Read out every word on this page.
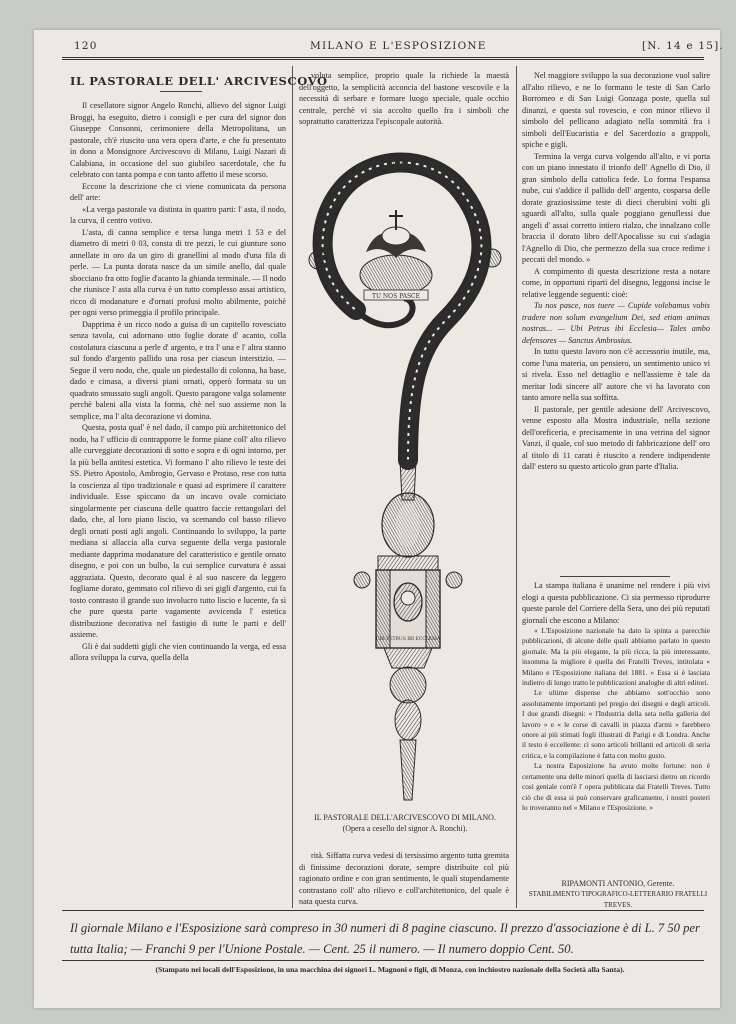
120	MILANO E L'ESPOSIZIONE	[N. 14 e 15].
IL PASTORALE DELL' ARCIVESCOVO

Il cesellatore signor Angelo Ronchi, allievo del signor Luigi Broggi, ha eseguito, dietro i consigli e per cura del signor don Giuseppe Consonni, cerimoniere della Metropolitana, un pastorale, ch'è riuscito una vera opera d'arte, e che fu presentato in dono a Monsignore Arcivescovo di Milano, Luigi Nazari di Calabiana, in occasione del suo giubileo sacerdotale, che fu celebrato con tanta pompa e con tanto affetto il mese scorso.

Eccone la descrizione che ci viene comunicata da persona dell' arte:

«La verga pastorale va distinta in quattro parti: l' asta, il nodo, la curva, il centro votivo.

L'asta, di canna semplice e tersa lunga metri 1 53 e del diametro di metri 0 03, consta di tre pezzi, le cui giunture sono annellate in oro da un giro di granellini al modo d'una fila di perle. — La punta dorata nasce da un simile anello, dal quale sbocciano fra otto foglie d'acanto la ghianda terminale. — Il nodo che riunisce l' asta alla curva è un tutto complesso assai artistico, ricco di modanature e d'ornati profusi molto abilmente, poichè per ogni verso primeggia il profilo principale.

Dapprima è un ricco nodo a guisa di un capitello rovesciato senza tavola, cui adornano otto foglie dorate d' acanto, colla costolatura ciascuna a perle d' argento, e tra l' una e l' altra stanno sul fondo d'argento pallido una rosa per ciascun interstizio. — Segue il vero nodo, che, quale un piedestallo di colonna, ha base, dado e cimasa, a diversi piani ornati, opperò formata su un quadrato smussato sugli angoli. Questo paragone valga solamente perchè baleni alla vista la forma, chè nel suo assieme non la semplice, ma l' alta decorazione vi domina.

Questa, posta qual' è nel dado, il campo più architettonico del nodo, ha l' ufficio di contrapporre le forme piane coll' alto rilievo alle curveggiate decorazioni di sotto e sopra e di ogni intorno, per la più bella antitesi estetica. Vi formano l' alto rilievo le teste dei SS. Pietro Apostolo, Ambrogio, Gervaso e Protaso, rese con tutta la coscienza al tipo tradizionale e quasi ad esprimere il carattere individuale. Esse spiccano da un incavo ovale corniciato singolarmente per ciascuna delle quattro faccie rettangolari del dado, che, al loro piano liscio, va scemando col basso rilievo degli ornati posti agli angoli. Continuando lo sviluppo, la parte mediana si allaccia alla curva seguente della verga pastorale mediante dapprima modanature del caratteristico e gentile ornato disegno, e poi con un bulbo, la cui semplice curvatura è assai aggraziata. Questo, decorato qual è al suo nascere da leggero fogliame dorato, gemmato col rilievo di sei gigli d'argento, cui fa tosto contrasto il grande suo involucro tutto liscio e lucente, fa sì che pure questa parte vagamente avvicenda l' estetica distribuzione decorativa nel fastigio di tutte le parti e dell' assieme.

Gli è dai suddetti gigli che vien continuando la verga, ed essa allora sviluppa la curva, quella della

voluta semplice, proprio quale la richiede la maestà dell'oggetto, la semplicità acconcia del bastone vescovile e la necessità di serbare e formare luogo speciale, quale occhio centrale, perchè vi sia accolto quello fra i simboli che soprattutto caratterizza l'episcopale autorità.

TU NOS PASCE
UBI PETRUS IBI ECCLESIA
IL PASTORALE DELL'ARCIVESCOVO DI MILANO.
(Opera a cesello del signor A. Ronchi).

rità. Siffatta curva vedesi di tersissimo argento tutta gremita di finissime decorazioni dorate, sempre distribuite col più ragionato ordine e con gran sentimento, le quali stupendamente contrastano coll' alto rilievo e coll'architettonico, del quale è nata questa curva.

Nel maggiore sviluppo la sua decorazione vuol salire all'alto rilievo, e ne lo formano le teste di San Carlo Borromeo e di San Luigi Gonzaga poste, quella sul dinanzi, e questa sul rovescio, e con minor rilievo il simbolo del pellicano adagiato nella sommità fra i simboli dell'Eucaristia e del Sacerdozio a grappoli, spiche e gigli.

Termina la verga curva volgendo all'alto, e vi porta con un piano innestato il trionfo dell' Agnello di Dio, il gran simbolo della cattolica fede. Lo forma l'espansa nube, cui s'addice il pallido dell' argento, cosparsa delle dorate graziosissime teste di dieci cherubini volti gli sguardi all'alto, sulla quale poggiano genuflessi due angeli d' assai corretto intiero rialzo, che innalzano colle braccia il dorato libro dell'Apocalisse su cui s'adagia l'Agnello di Dio, che permezzo della sua croce redime i peccati del mondo. »

A compimento di questa descrizione resta a notare come, in opportuni riparti del disegno, leggonsi incise le relative leggende seguenti: cioè:

Tu nos pasce, nos tuere — Cupide volebamus vobis tradere non solum evangelium Dei, sed etiam animas nostras... — Ubi Petrus ibi Ecclesia— Tales ambo defensores — Sanctus Ambrosius.

In tutto questo lavoro non c'è accessorio inutile, ma, come l'una materia, un pensiero, un sentimento unico vi si rivela. Esso nel dettaglio e nell'assieme è tale da meritar lodi sincere all' autore che vi ha lavorato con tanto amore nella sua soffitta.

Il pastorale, per gentile adesione dell' Arcivescovo, venne esposto alla Mostra industriale, nella sezione dell'oreficeria, e precisamente in una vetrina del signor Vanzi, il quale, col suo metodo di fabbricazione dell' oro al titolo di 11 carati è riuscito a rendere indipendente dall' estero su questo articolo gran parte d'Italia.

La stampa italiana è unanime nel rendere i più vivi elogi a questa pubblicazione. Ci sia permesso riprodurre queste parole del Corriere della Sera, uno dei più reputati giornali che escono a Milano:

« L'Esposizione nazionale ha dato la spinta a parecchie pubblicazioni, di alcune delle quali abbiamo parlato in questo giornale. Ma la più elegante, la più ricca, la più interessante, insomma la migliore è quella dei Fratelli Treves, intitolata « Milano e l'Esposizione italiana del 1881. » Essa si è lasciata indietro di lungo tratto le pubblicazioni analoghe di altri editori.

Le ultime dispense che abbiamo sott'occhio sono assolutamente importanti pel pregio dei disegni e degli articoli. I due grandi disegni: « l'Industria della seta nella galleria del lavoro » e « le corse di cavalli in piazza d'armi » farebbero onore ai più stimati fogli illustrati di Parigi e di Londra. Anche il testo è eccellente: ci sono articoli brillanti ed articoli di seria critica, e la compilazione è fatta con molto gusto.

La nostra Esposizione ha avuto molte fortune: non è certamente una delle minori quella di lasciarsi dietro un ricordo così geniale com'è l' opera pubblicata dai Fratelli Treves. Tutto ciò che di essa si può conservare graficamente, i nostri posteri lo troveranno nel « Milano e l'Esposizione. »

RIPAMONTI ANTONIO, Gerente.
STABILIMENTO TIPOGRAFICO-LETTERARIO FRATELLI TREVES.
Il giornale Milano e l'Esposizione sarà compreso in 30 numeri di 8 pagine ciascuno. Il prezzo d'associazione è di L. 7 50 per tutta Italia; — Franchi 9 per l'Unione Postale. — Cent. 25 il numero. — Il numero doppio Cent. 50.
(Stampato nei locali dell'Esposizione, in una macchina dei signori L. Magnoni e figli, di Monza, con inchiostro nazionale della Società alla Santa).
